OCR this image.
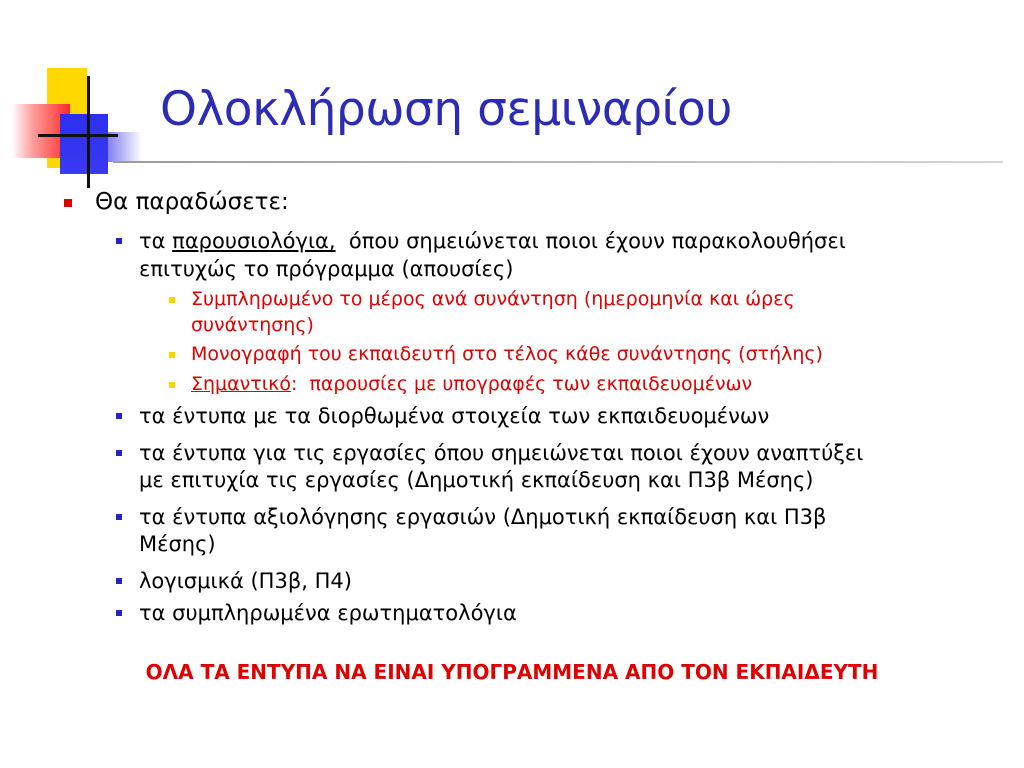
Ολοκλήρωση σεμιναρίου
Θα παραδώσετε:
τα παρουσιολόγια,  όπου σημειώνεται ποιοι έχουν παρακολουθήσει
επιτυχώς το πρόγραμμα (απουσίες)
Συμπληρωμένο το μέρος ανά συνάντηση (ημερομηνία και ώρες
συνάντησης)
Μονογραφή του εκπαιδευτή στο τέλος κάθε συνάντησης (στήλης)
Σημαντικό:  παρουσίες με υπογραφές των εκπαιδευομένων
τα έντυπα με τα διορθωμένα στοιχεία των εκπαιδευομένων
τα έντυπα για τις εργασίες όπου σημειώνεται ποιοι έχουν αναπτύξει
με επιτυχία τις εργασίες (Δημοτική εκπαίδευση και Π3β Μέσης)
τα έντυπα αξιολόγησης εργασιών (Δημοτική εκπαίδευση και Π3β
Μέσης)
λογισμικά (Π3β, Π4)
τα συμπληρωμένα ερωτηματολόγια

ΟΛΑ ΤΑ ΕΝΤΥΠΑ ΝΑ ΕΙΝΑΙ ΥΠΟΓΡΑΜΜΕΝΑ ΑΠΟ ΤΟΝ ΕΚΠΑΙΔΕΥΤΗ
